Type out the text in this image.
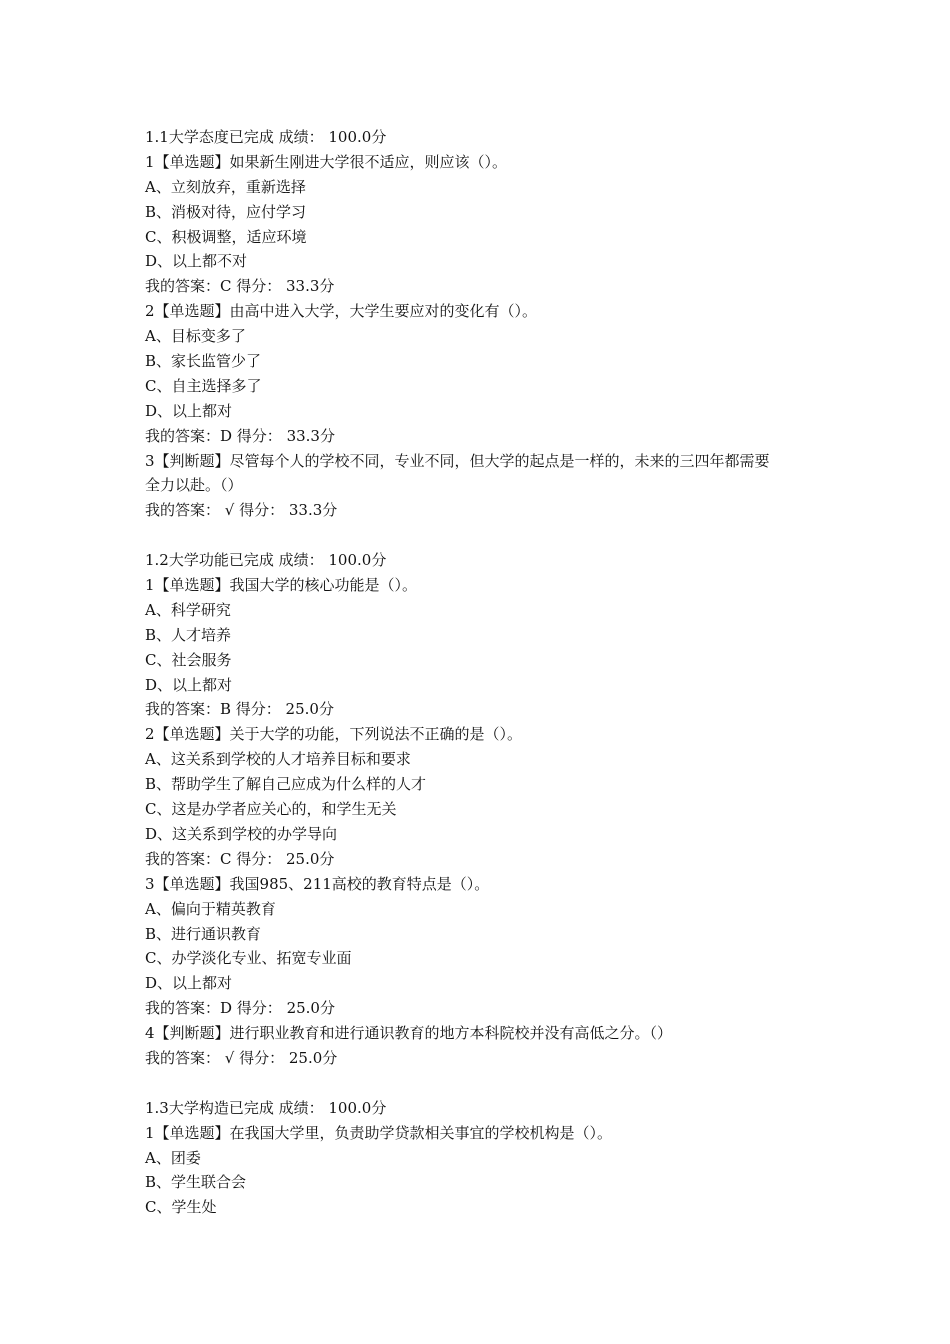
1.1大学态度已完成 成绩： 100.0分
1【单选题】如果新生刚进大学很不适应，则应该（）。
A、立刻放弃，重新选择
B、消极对待，应付学习
C、积极调整，适应环境
D、以上都不对
我的答案：C 得分： 33.3分
2【单选题】由高中进入大学，大学生要应对的变化有（）。
A、目标变多了
B、家长监管少了
C、自主选择多了
D、以上都对
我的答案：D 得分： 33.3分
3【判断题】尽管每个人的学校不同，专业不同，但大学的起点是一样的，未来的三四年都需要
全力以赴。（）
我的答案： √ 得分： 33.3分
1.2大学功能已完成 成绩： 100.0分
1【单选题】我国大学的核心功能是（）。
A、科学研究
B、人才培养
C、社会服务
D、以上都对
我的答案：B 得分： 25.0分
2【单选题】关于大学的功能，下列说法不正确的是（）。
A、这关系到学校的人才培养目标和要求
B、帮助学生了解自己应成为什么样的人才
C、这是办学者应关心的，和学生无关
D、这关系到学校的办学导向
我的答案：C 得分： 25.0分
3【单选题】我国985、211高校的教育特点是（）。
A、偏向于精英教育
B、进行通识教育
C、办学淡化专业、拓宽专业面
D、以上都对
我的答案：D 得分： 25.0分
4【判断题】进行职业教育和进行通识教育的地方本科院校并没有高低之分。（）
我的答案： √ 得分： 25.0分
1.3大学构造已完成 成绩： 100.0分
1【单选题】在我国大学里，负责助学贷款相关事宜的学校机构是（）。
A、团委
B、学生联合会
C、学生处
